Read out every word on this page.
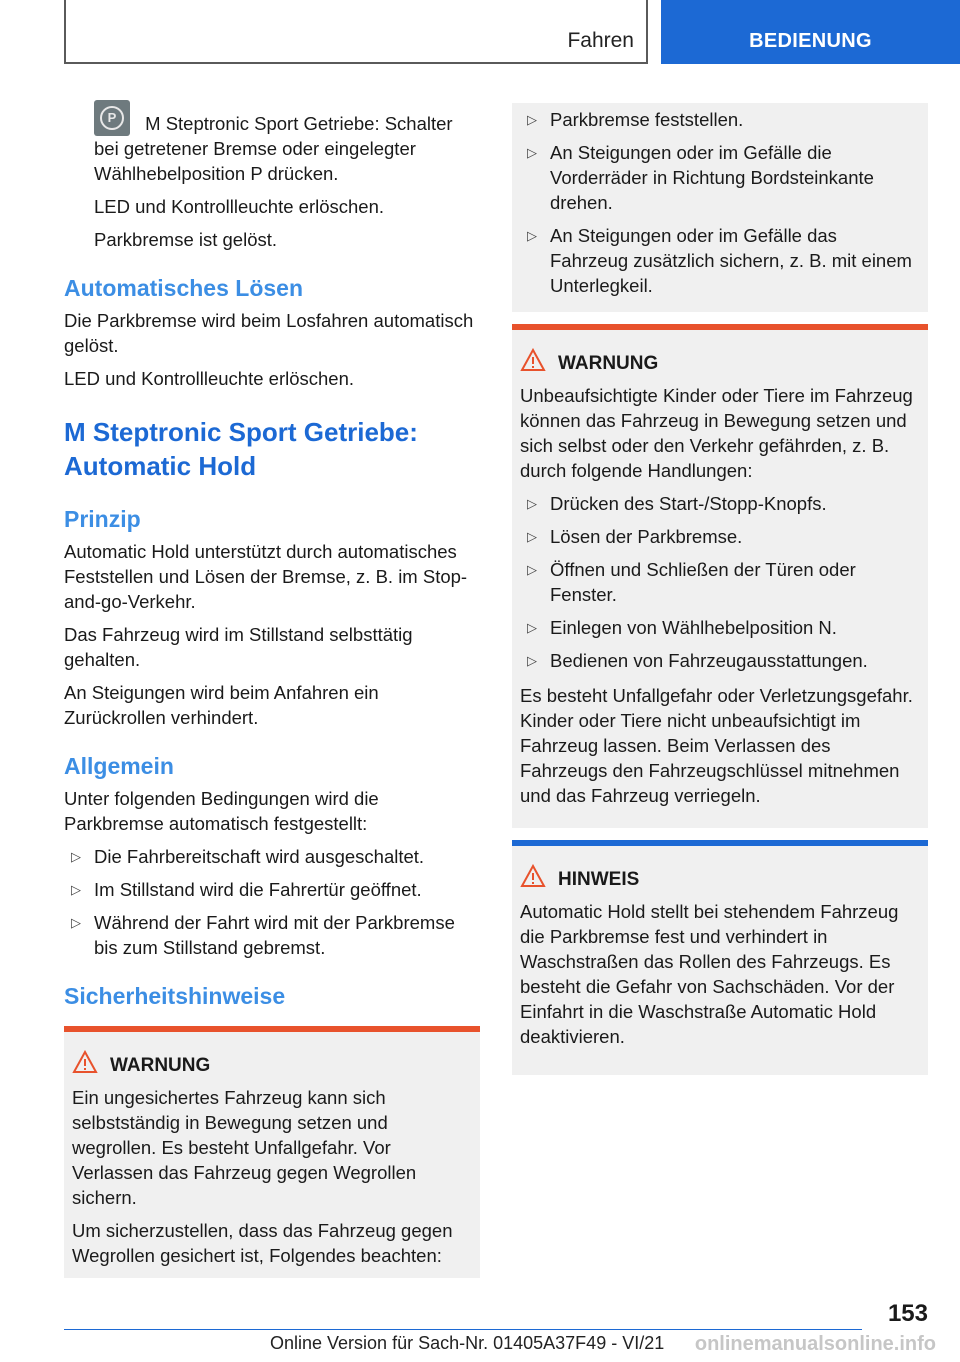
Fahren	BEDIENUNG

P	M Steptronic Sport Getriebe: Schalter bei getretener Bremse oder eingelegter Wählhebelposition P drücken.

LED und Kontrollleuchte erlöschen.

Parkbremse ist gelöst.

Automatisches Lösen

Die Parkbremse wird beim Losfahren automatisch gelöst.

LED und Kontrollleuchte erlöschen.

M Steptronic Sport Getriebe:
Automatic Hold
Prinzip

Automatic Hold unterstützt durch automatisches Feststellen und Lösen der Bremse, z. B. im Stop-and-go-Verkehr.

Das Fahrzeug wird im Stillstand selbsttätig gehalten.

An Steigungen wird beim Anfahren ein Zurückrollen verhindert.

Allgemein

Unter folgenden Bedingungen wird die Parkbremse automatisch festgestellt:

▷ Die Fahrbereitschaft wird ausgeschaltet.
▷ Im Stillstand wird die Fahrertür geöffnet.
▷ Während der Fahrt wird mit der Parkbremse bis zum Stillstand gebremst.
Sicherheitshinweise
WARNUNG

Ein ungesichertes Fahrzeug kann sich selbstständig in Bewegung setzen und wegrollen. Es besteht Unfallgefahr. Vor Verlassen das Fahrzeug gegen Wegrollen sichern.

Um sicherzustellen, dass das Fahrzeug gegen Wegrollen gesichert ist, Folgendes beachten:

▷ Parkbremse feststellen.
▷ An Steigungen oder im Gefälle die Vorderräder in Richtung Bordsteinkante drehen.
▷ An Steigungen oder im Gefälle das Fahrzeug zusätzlich sichern, z. B. mit einem Unterlegkeil.
WARNUNG

Unbeaufsichtigte Kinder oder Tiere im Fahrzeug können das Fahrzeug in Bewegung setzen und sich selbst oder den Verkehr gefährden, z. B. durch folgende Handlungen:

▷ Drücken des Start-/Stopp-Knopfs.
▷ Lösen der Parkbremse.
▷ Öffnen und Schließen der Türen oder Fenster.
▷ Einlegen von Wählhebelposition N.
▷ Bedienen von Fahrzeugausstattungen.

Es besteht Unfallgefahr oder Verletzungsgefahr. Kinder oder Tiere nicht unbeaufsichtigt im Fahrzeug lassen. Beim Verlassen des Fahrzeugs den Fahrzeugschlüssel mitnehmen und das Fahrzeug verriegeln.

HINWEIS

Automatic Hold stellt bei stehendem Fahrzeug die Parkbremse fest und verhindert in Waschstraßen das Rollen des Fahrzeugs. Es besteht die Gefahr von Sachschäden. Vor der Einfahrt in die Waschstraße Automatic Hold deaktivieren.

153
Online Version für Sach-Nr. 01405A37F49 - VI/21 onlinemanualsonline.info
